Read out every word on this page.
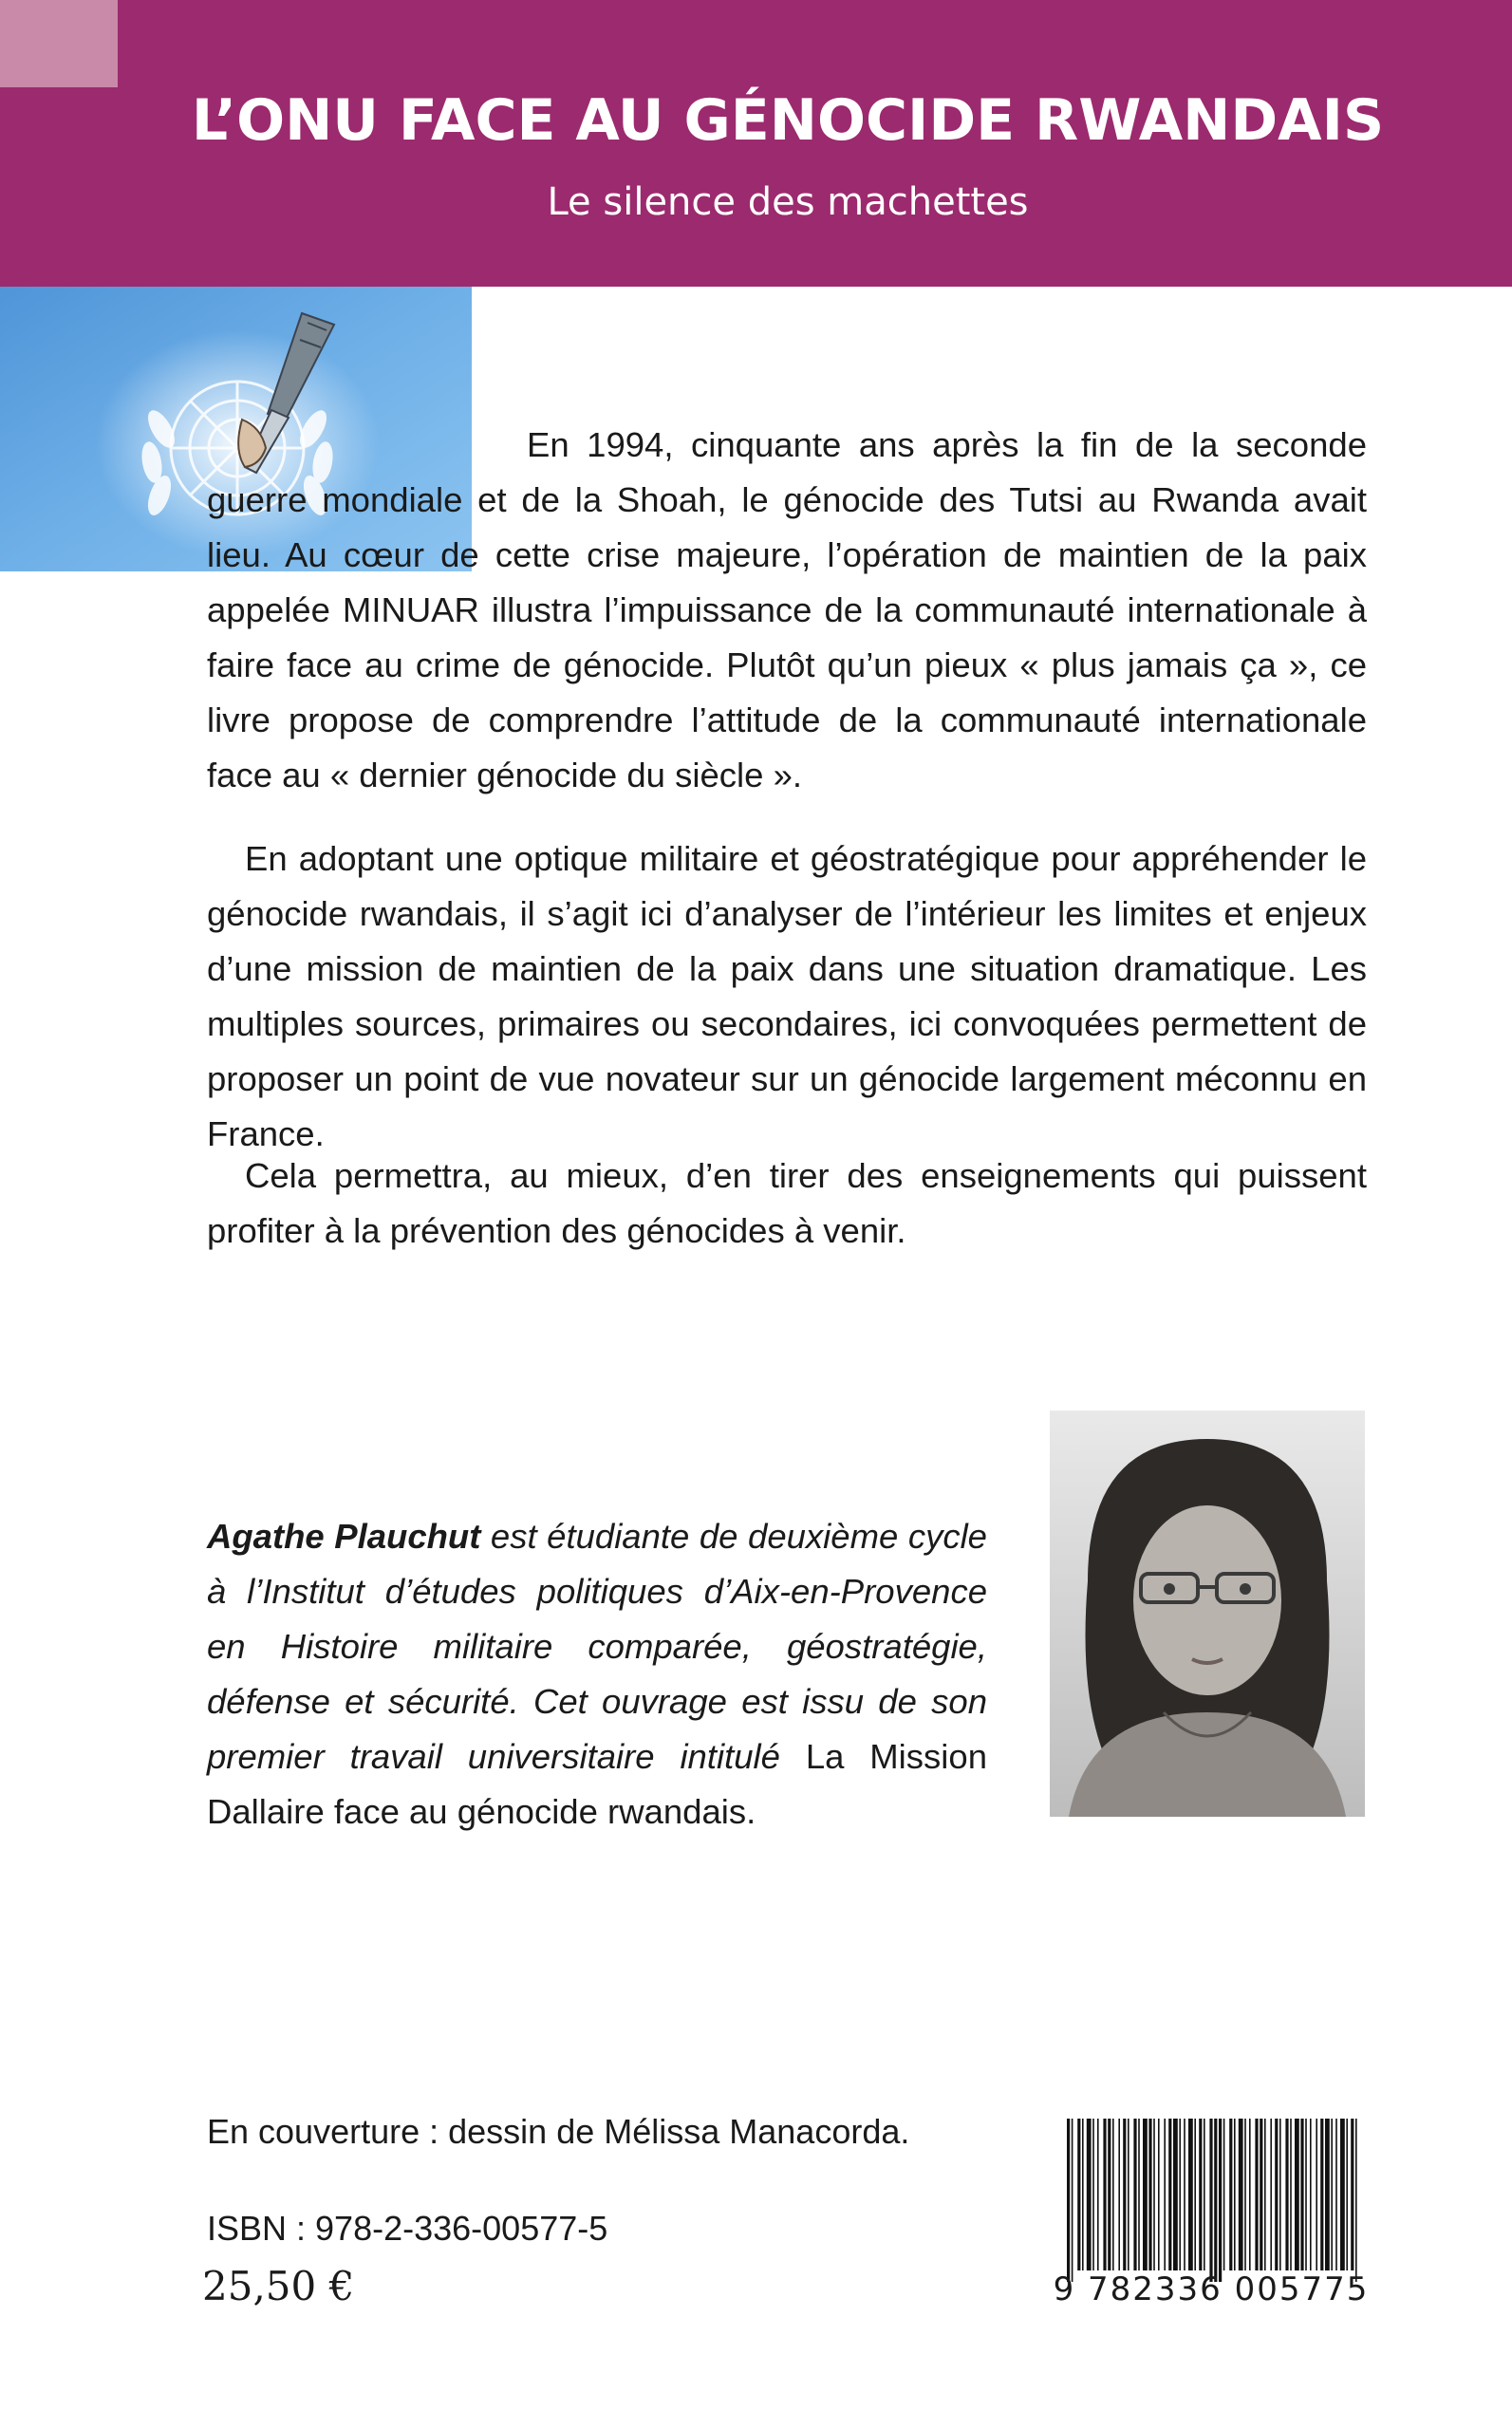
L’ONU FACE AU GÉNOCIDE RWANDAIS

Le silence des machettes

En 1994, cinquante ans après la fin de la seconde guerre mondiale et de la Shoah, le génocide des Tutsi au Rwanda avait lieu. Au cœur de cette crise majeure, l’opération de maintien de la paix appelée MINUAR illustra l’impuissance de la communauté internationale à faire face au crime de génocide. Plutôt qu’un pieux « plus jamais ça », ce livre propose de comprendre l’attitude de la communauté internationale face au « dernier génocide du siècle ».

En adoptant une optique militaire et géostratégique pour appréhender le génocide rwandais, il s’agit ici d’analyser de l’intérieur les limites et enjeux d’une mission de maintien de la paix dans une situation dramatique. Les multiples sources, primaires ou secondaires, ici convoquées permettent de proposer un point de vue novateur sur un génocide largement méconnu en France.

Cela permettra, au mieux, d’en tirer des enseignements qui puissent profiter à la prévention des génocides à venir.

Agathe Plauchut est étudiante de deuxième cycle à l’Institut d’études politiques d’Aix-en-Provence en Histoire militaire comparée, géostratégie, défense et sécurité. Cet ouvrage est issu de son premier travail universitaire intitulé La Mission Dallaire face au génocide rwandais.

En couverture : dessin de Mélissa Manacorda.

ISBN : 978-2-336-00577-5

25,50 €	9 782336 005775
